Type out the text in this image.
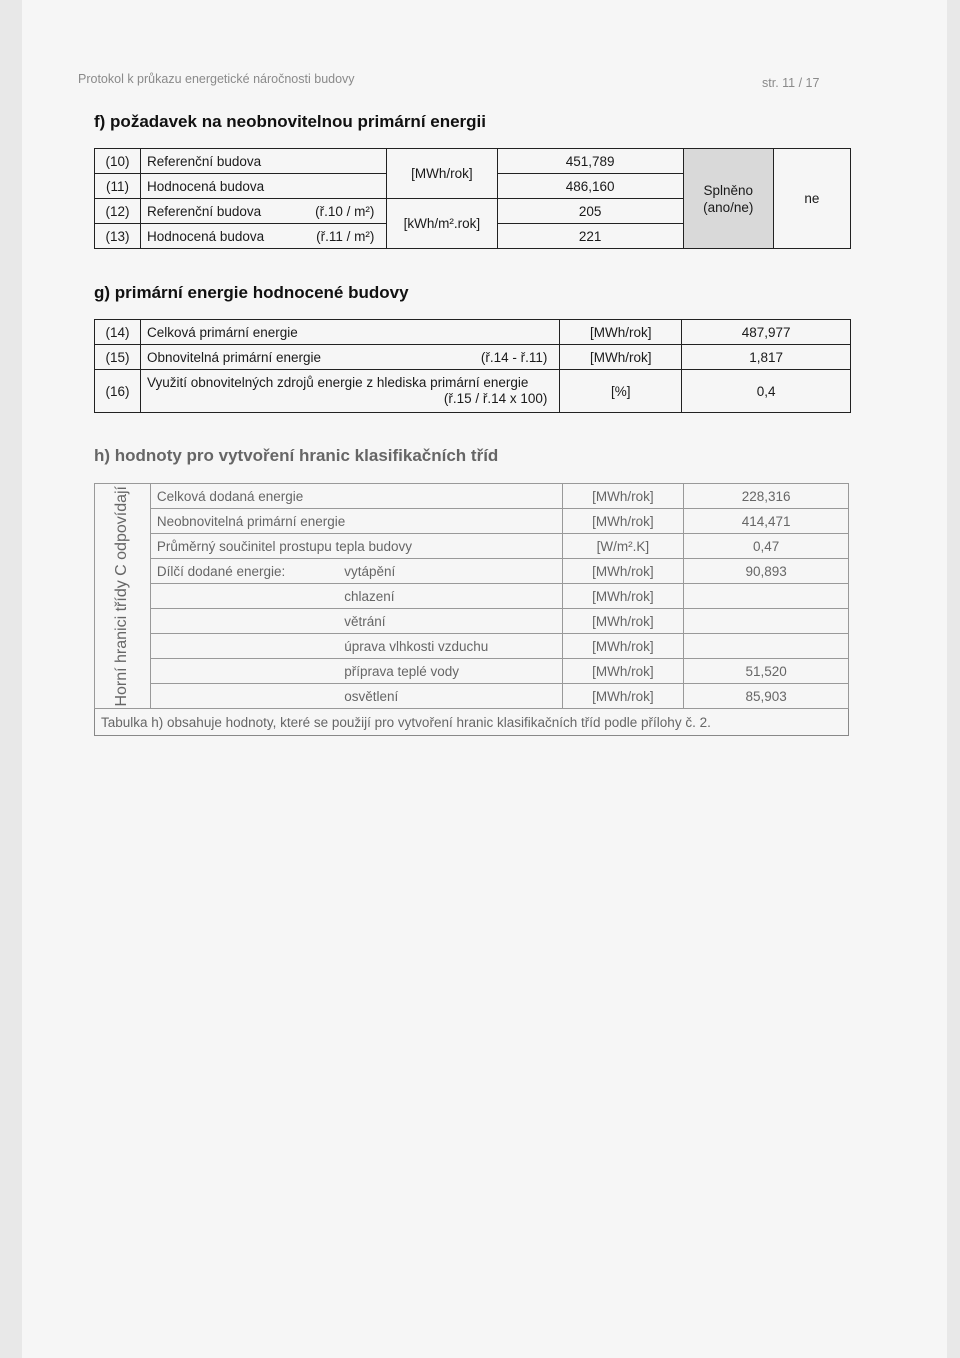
Protokol k průkazu energetické náročnosti budovy	str. 11 / 17
f) požadavek na neobnovitelnou primární energii
(10)	Referenční budova	[MWh/rok]	451,789	Splněno (ano/ne)	ne
(11)	Hodnocená budova		486,160		
(12)	Referenční budova (ř.10 / m²)	[kWh/m².rok]	205		
(13)	Hodnocená budova (ř.11 / m²)		221		
g) primární energie hodnocené budovy
(14)	Celková primární energie	[MWh/rok]	487,977
(15)	Obnovitelná primární energie (ř.14 - ř.11)	[MWh/rok]	1,817
(16)	Využití obnovitelných zdrojů energie z hlediska primární energie
(ř.15 / ř.14 x 100)	[%]	0,4
h) hodnoty pro vytvoření hranic klasifikačních tříd
Horní hranici třídy C odpovídají	Celková dodaná energie		[MWh/rok]	228,316
	Neobnovitelná primární energie		[MWh/rok]	414,471
	Průměrný součinitel prostupu tepla budovy		[W/m².K]	0,47
	Dílčí dodané energie:	vytápění	[MWh/rok]	90,893
		chlazení	[MWh/rok]	
		větrání	[MWh/rok]	
		úprava vlhkosti vzduchu	[MWh/rok]	
		příprava teplé vody	[MWh/rok]	51,520
		osvětlení	[MWh/rok]	85,903
Tabulka h) obsahuje hodnoty, které se použijí pro vytvoření hranic klasifikačních tříd podle přílohy č. 2.				
